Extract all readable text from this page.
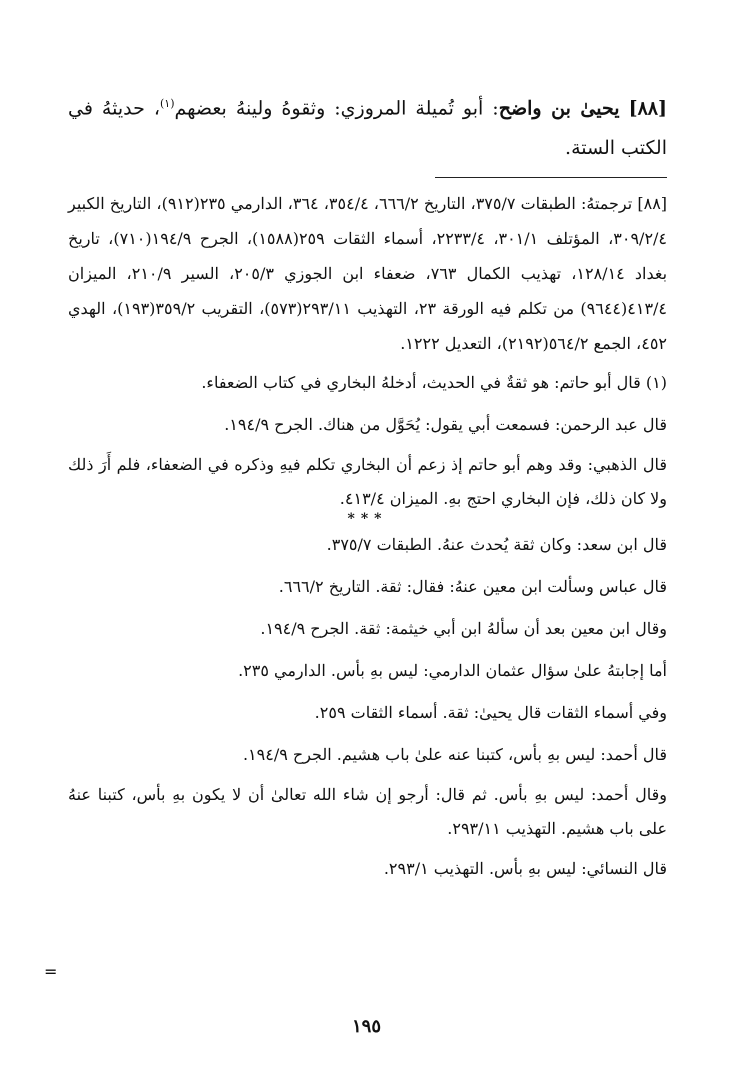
[٨٨] يحيىٰ بن واضح: أبو تُميلة المروزي: وثقوهُ ولينهُ بعضهم$^{(١)}$، حديثهُ في الكتب الستة.

[٨٨] ترجمتهُ: الطبقات ٣٧٥/٧، التاريخ ٦٦٦/٢، ٣٥٤/٤، ٣٦٤، الدارمي ٢٣٥(٩١٢)، التاريخ الكبير ٣٠٩/٢/٤، المؤتلف ٣٠١/١، ٢٢٣٣/٤، أسماء الثقات ٢٥٩(١٥٨٨)، الجرح ١٩٤/٩(٧١٠)، تاريخ بغداد ١٢٨/١٤، تهذيب الكمال ٧٦٣، ضعفاء ابن الجوزي ٢٠٥/٣، السير ٢١٠/٩، الميزان ٤١٣/٤(٩٦٤٤) من تكلم فيه الورقة ٢٣، التهذيب ٢٩٣/١١(٥٧٣)، التقريب ٣٥٩/٢(١٩٣)، الهدي ٤٥٢، الجمع ٥٦٤/٢(٢١٩٢)، التعديل ١٢٢٢.

(١) قال أبو حاتم: هو ثقةٌ في الحديث، أدخلهُ البخاري في كتاب الضعفاء.

قال عبد الرحمن: فسمعت أبي يقول: يُحَوَّل من هناك. الجرح ١٩٤/٩.

قال الذهبي: وقد وهم أبو حاتم إذ زعم أن البخاري تكلم فيهِ وذكره في الضعفاء، فلم أَرَ ذلك ولا كان ذلك، فإن البخاري احتج بهِ. الميزان ٤١٣/٤.

***

قال ابن سعد: وكان ثقة يُحدث عنهُ. الطبقات ٣٧٥/٧.

قال عباس وسألت ابن معين عنهُ: فقال: ثقة. التاريخ ٦٦٦/٢.

وقال ابن معين بعد أن سألهُ ابن أبي خيثمة: ثقة. الجرح ١٩٤/٩.

أما إجابتهُ علىٰ سؤال عثمان الدارمي: ليس بهِ بأس. الدارمي ٢٣٥.

وفي أسماء الثقات قال يحيىٰ: ثقة. أسماء الثقات ٢٥٩.

قال أحمد: ليس بهِ بأس، كتبنا عنه علىٰ باب هشيم. الجرح ١٩٤/٩.

وقال أحمد: ليس بهِ بأس. ثم قال: أرجو إن شاء الله تعالىٰ أن لا يكون بهِ بأس، كتبنا عنهُ على باب هشيم. التهذيب ٢٩٣/١١.

قال النسائي: ليس بهِ بأس. التهذيب ٢٩٣/١.

=
١٩٥
